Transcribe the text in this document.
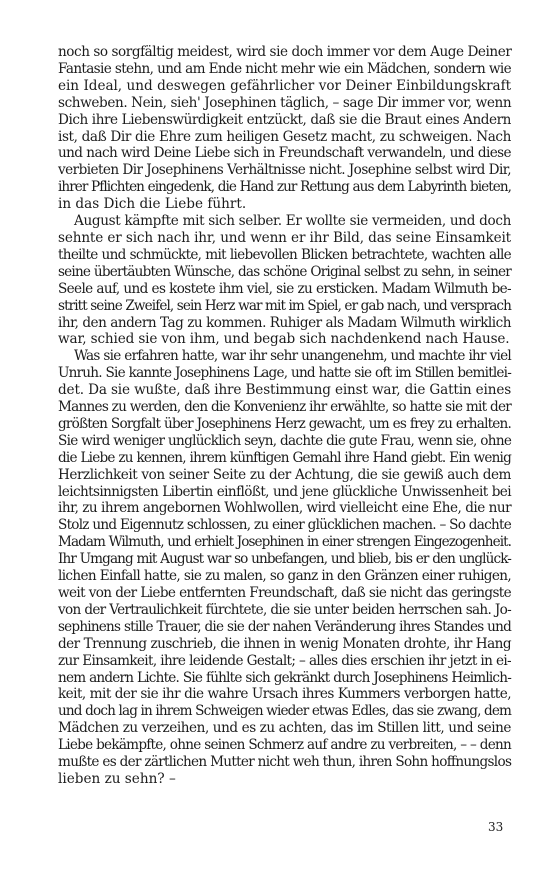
noch so sorgfältig meidest, wird sie doch immer vor dem Auge Deiner
Fantasie stehn, und am Ende nicht mehr wie ein Mädchen, sondern wie
ein Ideal, und deswegen gefährlicher vor Deiner Einbildungskraft
schweben. Nein, sieh' Josephinen täglich, – sage Dir immer vor, wenn
Dich ihre Liebenswürdigkeit entzückt, daß sie die Braut eines Andern
ist, daß Dir die Ehre zum heiligen Gesetz macht, zu schweigen. Nach
und nach wird Deine Liebe sich in Freundschaft verwandeln, und diese
verbieten Dir Josephinens Verhältnisse nicht. Josephine selbst wird Dir,
ihrer Pflichten eingedenk, die Hand zur Rettung aus dem Labyrinth bieten,
in das Dich die Liebe führt.

August kämpfte mit sich selber. Er wollte sie vermeiden, und doch
sehnte er sich nach ihr, und wenn er ihr Bild, das seine Einsamkeit
theilte und schmückte, mit liebevollen Blicken betrachtete, wachten alle
seine übertäubten Wünsche, das schöne Original selbst zu sehn, in seiner
Seele auf, und es kostete ihm viel, sie zu ersticken. Madam Wilmuth be-
stritt seine Zweifel, sein Herz war mit im Spiel, er gab nach, und versprach
ihr, den andern Tag zu kommen. Ruhiger als Madam Wilmuth wirklich
war, schied sie von ihm, und begab sich nachdenkend nach Hause.

Was sie erfahren hatte, war ihr sehr unangenehm, und machte ihr viel
Unruh. Sie kannte Josephinens Lage, und hatte sie oft im Stillen bemitlei-
det. Da sie wußte, daß ihre Bestimmung einst war, die Gattin eines
Mannes zu werden, den die Konvenienz ihr erwählte, so hatte sie mit der
größten Sorgfalt über Josephinens Herz gewacht, um es frey zu erhalten.
Sie wird weniger unglücklich seyn, dachte die gute Frau, wenn sie, ohne
die Liebe zu kennen, ihrem künftigen Gemahl ihre Hand giebt. Ein wenig
Herzlichkeit von seiner Seite zu der Achtung, die sie gewiß auch dem
leichtsinnigsten Libertin einflößt, und jene glückliche Unwissenheit bei
ihr, zu ihrem angebornen Wohlwollen, wird vielleicht eine Ehe, die nur
Stolz und Eigennutz schlossen, zu einer glücklichen machen. – So dachte
Madam Wilmuth, und erhielt Josephinen in einer strengen Eingezogenheit.
Ihr Umgang mit August war so unbefangen, und blieb, bis er den unglück-
lichen Einfall hatte, sie zu malen, so ganz in den Gränzen einer ruhigen,
weit von der Liebe entfernten Freundschaft, daß sie nicht das geringste
von der Vertraulichkeit fürchtete, die sie unter beiden herrschen sah. Jo-
sephinens stille Trauer, die sie der nahen Veränderung ihres Standes und
der Trennung zuschrieb, die ihnen in wenig Monaten drohte, ihr Hang
zur Einsamkeit, ihre leidende Gestalt; – alles dies erschien ihr jetzt in ei-
nem andern Lichte. Sie fühlte sich gekränkt durch Josephinens Heimlich-
keit, mit der sie ihr die wahre Ursach ihres Kummers verborgen hatte,
und doch lag in ihrem Schweigen wieder etwas Edles, das sie zwang, dem
Mädchen zu verzeihen, und es zu achten, das im Stillen litt, und seine
Liebe bekämpfte, ohne seinen Schmerz auf andre zu verbreiten, – – denn
mußte es der zärtlichen Mutter nicht weh thun, ihren Sohn hoffnungslos
lieben zu sehn? –

33
